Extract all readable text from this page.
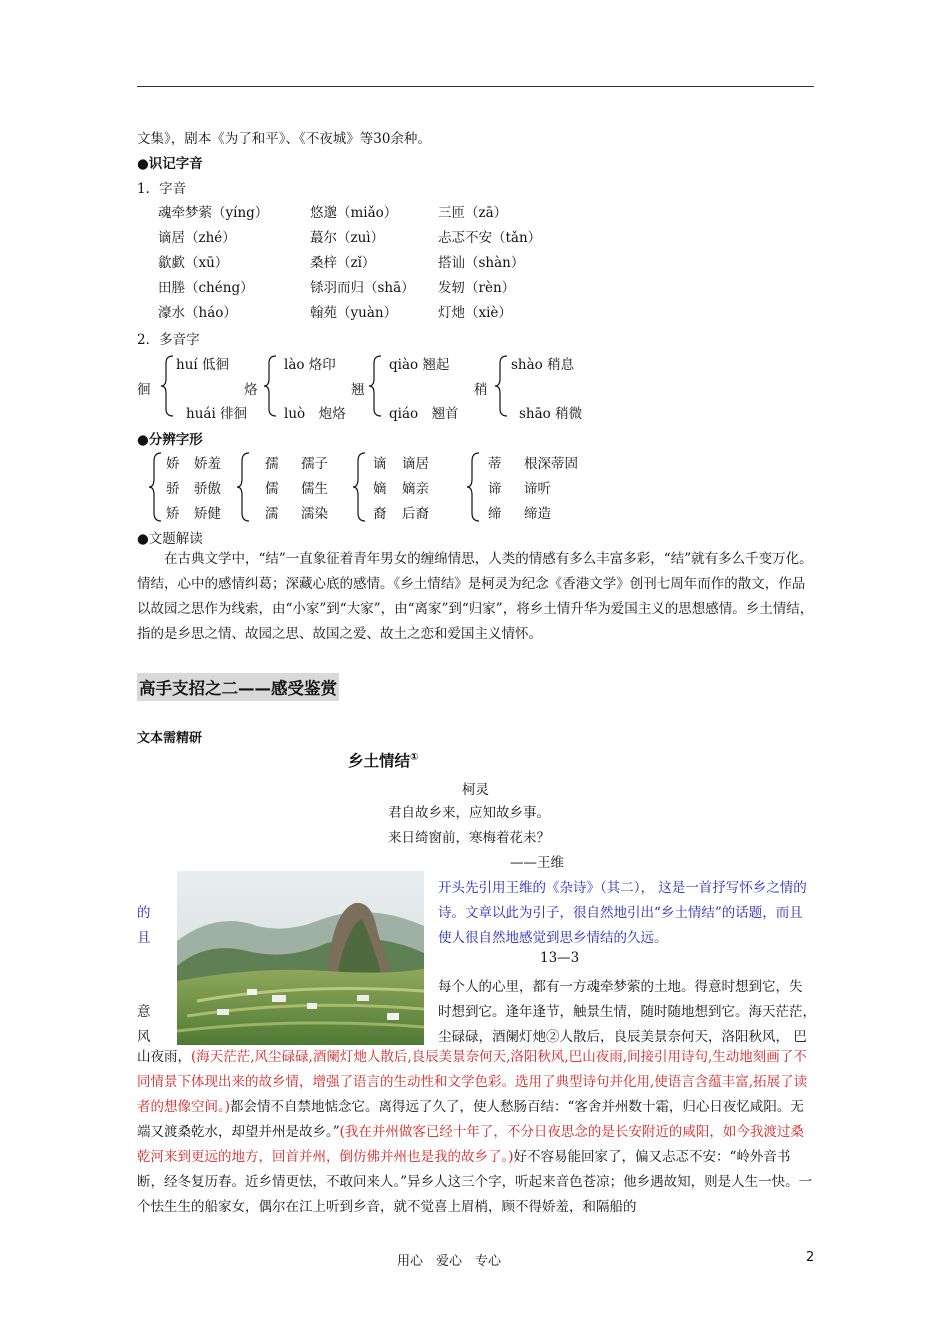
文集》，剧本《为了和平》、《不夜城》等30余种。
●识记字音
1．字音
魂牵梦萦（yíng）	悠邈（miǎo）	三匝（zā）
谪居（zhé）	蕞尔（zuì）	忐忑不安（tǎn）
歙歔（xū）	桑梓（zǐ）	搭讪（shàn）
田塍（chéng）	铩羽而归（shā） 发轫（rèn）
濠水（háo）	翰苑（yuàn）	灯灺（xiè）
2．多音字
徊
huí 低徊
huái 徘徊
烙
lào 烙印
luò　炮烙
翘
qiào 翘起
qiáo　翘首
稍
shào 稍息
shāo 稍微
●分辨字形
娇 娇羞
骄 骄傲
矫 矫健
孺 孺子
儒 儒生
濡 濡染
谪 谪居
嫡 嫡亲
裔 后裔
蒂 根深蒂固
谛 谛听
缔 缔造
●文题解读
在古典文学中，“结”一直象征着青年男女的缠绵情思，人类的情感有多么丰富多彩，“结”就有多么千变万化。情结，心中的感情纠葛；深藏心底的感情。《乡土情结》是柯灵为纪念《香港文学》创刊七周年而作的散文，作品以故园之思作为线索，由“小家”到“大家”，由“离家”到“归家”，将乡土情升华为爱国主义的思想感情。乡土情结，指的是乡思之情、故园之思、故国之爱、故土之恋和爱国主义情怀。
高手支招之二——感受鉴赏
文本需精研
乡土情结①
柯灵
君自故乡来，应知故乡事。
来日绮窗前，寒梅着花未？
——王维
开头先引用王维的《杂诗》（其二）， 这是一首抒写怀乡之情的
的	诗。文章以此为引子，很自然地引出“乡土情结”的话题，而且
且	使人很自然地感觉到思乡情结的久远。
13—3
每个人的心里，都有一方魂牵梦萦的土地。得意时想到它，失
意	时想到它。逢年逢节，触景生情，随时随地想到它。海天茫茫，
风	尘碌碌，酒阑灯灺②人散后，良辰美景奈何天，洛阳秋风， 巴
山夜雨，(海天茫茫,风尘碌碌,酒阑灯灺人散后,良辰美景奈何天,洛阳秋风,巴山夜雨,间接引用诗句,生动地刻画了不同情景下体现出来的故乡情，增强了语言的生动性和文学色彩。选用了典型诗句并化用,使语言含蕴丰富,拓展了读者的想像空间。)都会情不自禁地惦念它。离得远了久了，使人愁肠百结：“客舍并州数十霜，归心日夜忆咸阳。无端又渡桑乾水，却望并州是故乡。”(我在并州做客已经十年了，不分日夜思念的是长安附近的咸阳，如今我渡过桑乾河来到更远的地方，回首并州，倒仿佛并州也是我的故乡了。)好不容易能回家了，偏又忐忑不安：“岭外音书断，经冬复历春。近乡情更怯，不敢问来人。”异乡人这三个字，听起来音色苍凉；他乡遇故知，则是人生一快。一个怯生生的船家女，偶尔在江上听到乡音，就不觉喜上眉梢，顾不得娇羞，和隔船的
用心　爱心　专心	2
